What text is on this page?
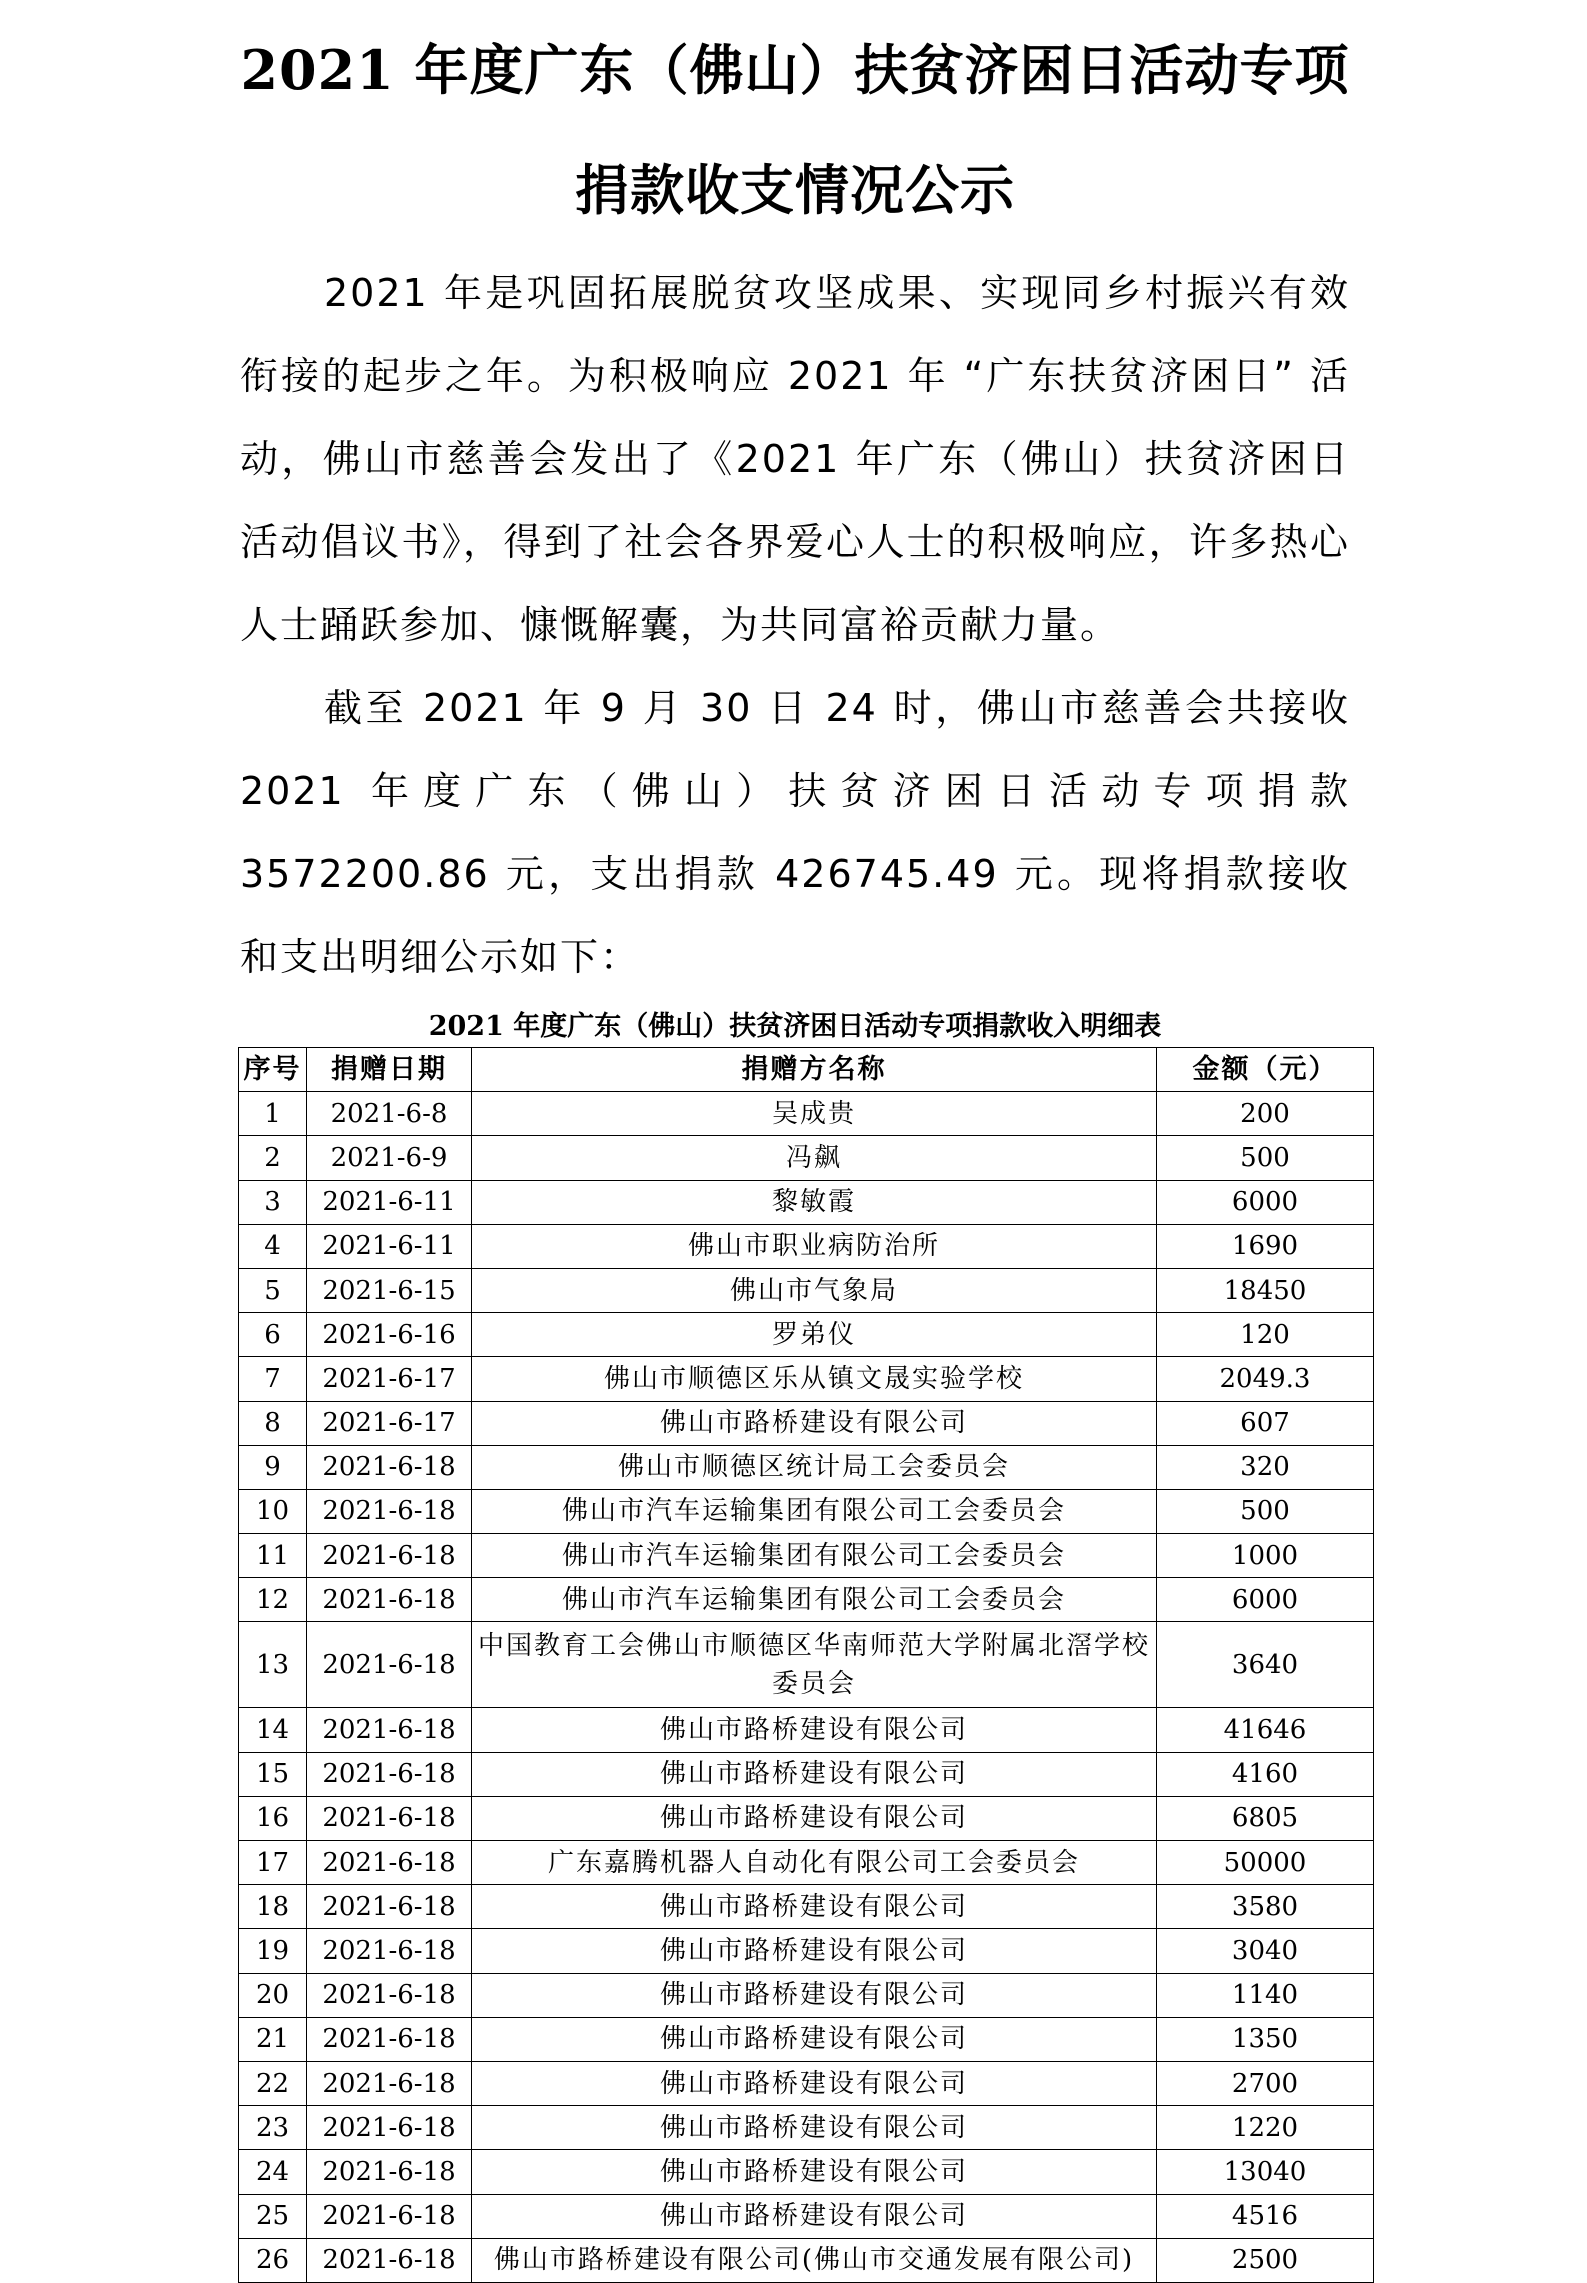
2021 年度广东（佛山）扶贫济困日活动专项
捐款收支情况公示

2021 年是巩固拓展脱贫攻坚成果、实现同乡村振兴有效衔接的起步之年。为积极响应 2021 年 “广东扶贫济困日” 活动，佛山市慈善会发出了《2021 年广东（佛山）扶贫济困日活动倡议书》，得到了社会各界爱心人士的积极响应，许多热心人士踊跃参加、慷慨解囊，为共同富裕贡献力量。

截至 2021 年 9 月 30 日 24 时，佛山市慈善会共接收 2021 年度广东（佛山）扶贫济困日活动专项捐款 3572200.86 元，支出捐款 426745.49 元。现将捐款接收和支出明细公示如下：

2021 年度广东（佛山）扶贫济困日活动专项捐款收入明细表
序号	捐赠日期	捐赠方名称	金额（元）
1	2021-6-8	吴成贵	200
2	2021-6-9	冯飙	500
3	2021-6-11	黎敏霞	6000
4	2021-6-11	佛山市职业病防治所	1690
5	2021-6-15	佛山市气象局	18450
6	2021-6-16	罗弟仪	120
7	2021-6-17	佛山市顺德区乐从镇文晟实验学校	2049.3
8	2021-6-17	佛山市路桥建设有限公司	607
9	2021-6-18	佛山市顺德区统计局工会委员会	320
10	2021-6-18	佛山市汽车运输集团有限公司工会委员会	500
11	2021-6-18	佛山市汽车运输集团有限公司工会委员会	1000
12	2021-6-18	佛山市汽车运输集团有限公司工会委员会	6000
13	2021-6-18	中国教育工会佛山市顺德区华南师范大学附属北滘学校委员会	3640
14	2021-6-18	佛山市路桥建设有限公司	41646
15	2021-6-18	佛山市路桥建设有限公司	4160
16	2021-6-18	佛山市路桥建设有限公司	6805
17	2021-6-18	广东嘉腾机器人自动化有限公司工会委员会	50000
18	2021-6-18	佛山市路桥建设有限公司	3580
19	2021-6-18	佛山市路桥建设有限公司	3040
20	2021-6-18	佛山市路桥建设有限公司	1140
21	2021-6-18	佛山市路桥建设有限公司	1350
22	2021-6-18	佛山市路桥建设有限公司	2700
23	2021-6-18	佛山市路桥建设有限公司	1220
24	2021-6-18	佛山市路桥建设有限公司	13040
25	2021-6-18	佛山市路桥建设有限公司	4516
26	2021-6-18	佛山市路桥建设有限公司(佛山市交通发展有限公司)	2500
